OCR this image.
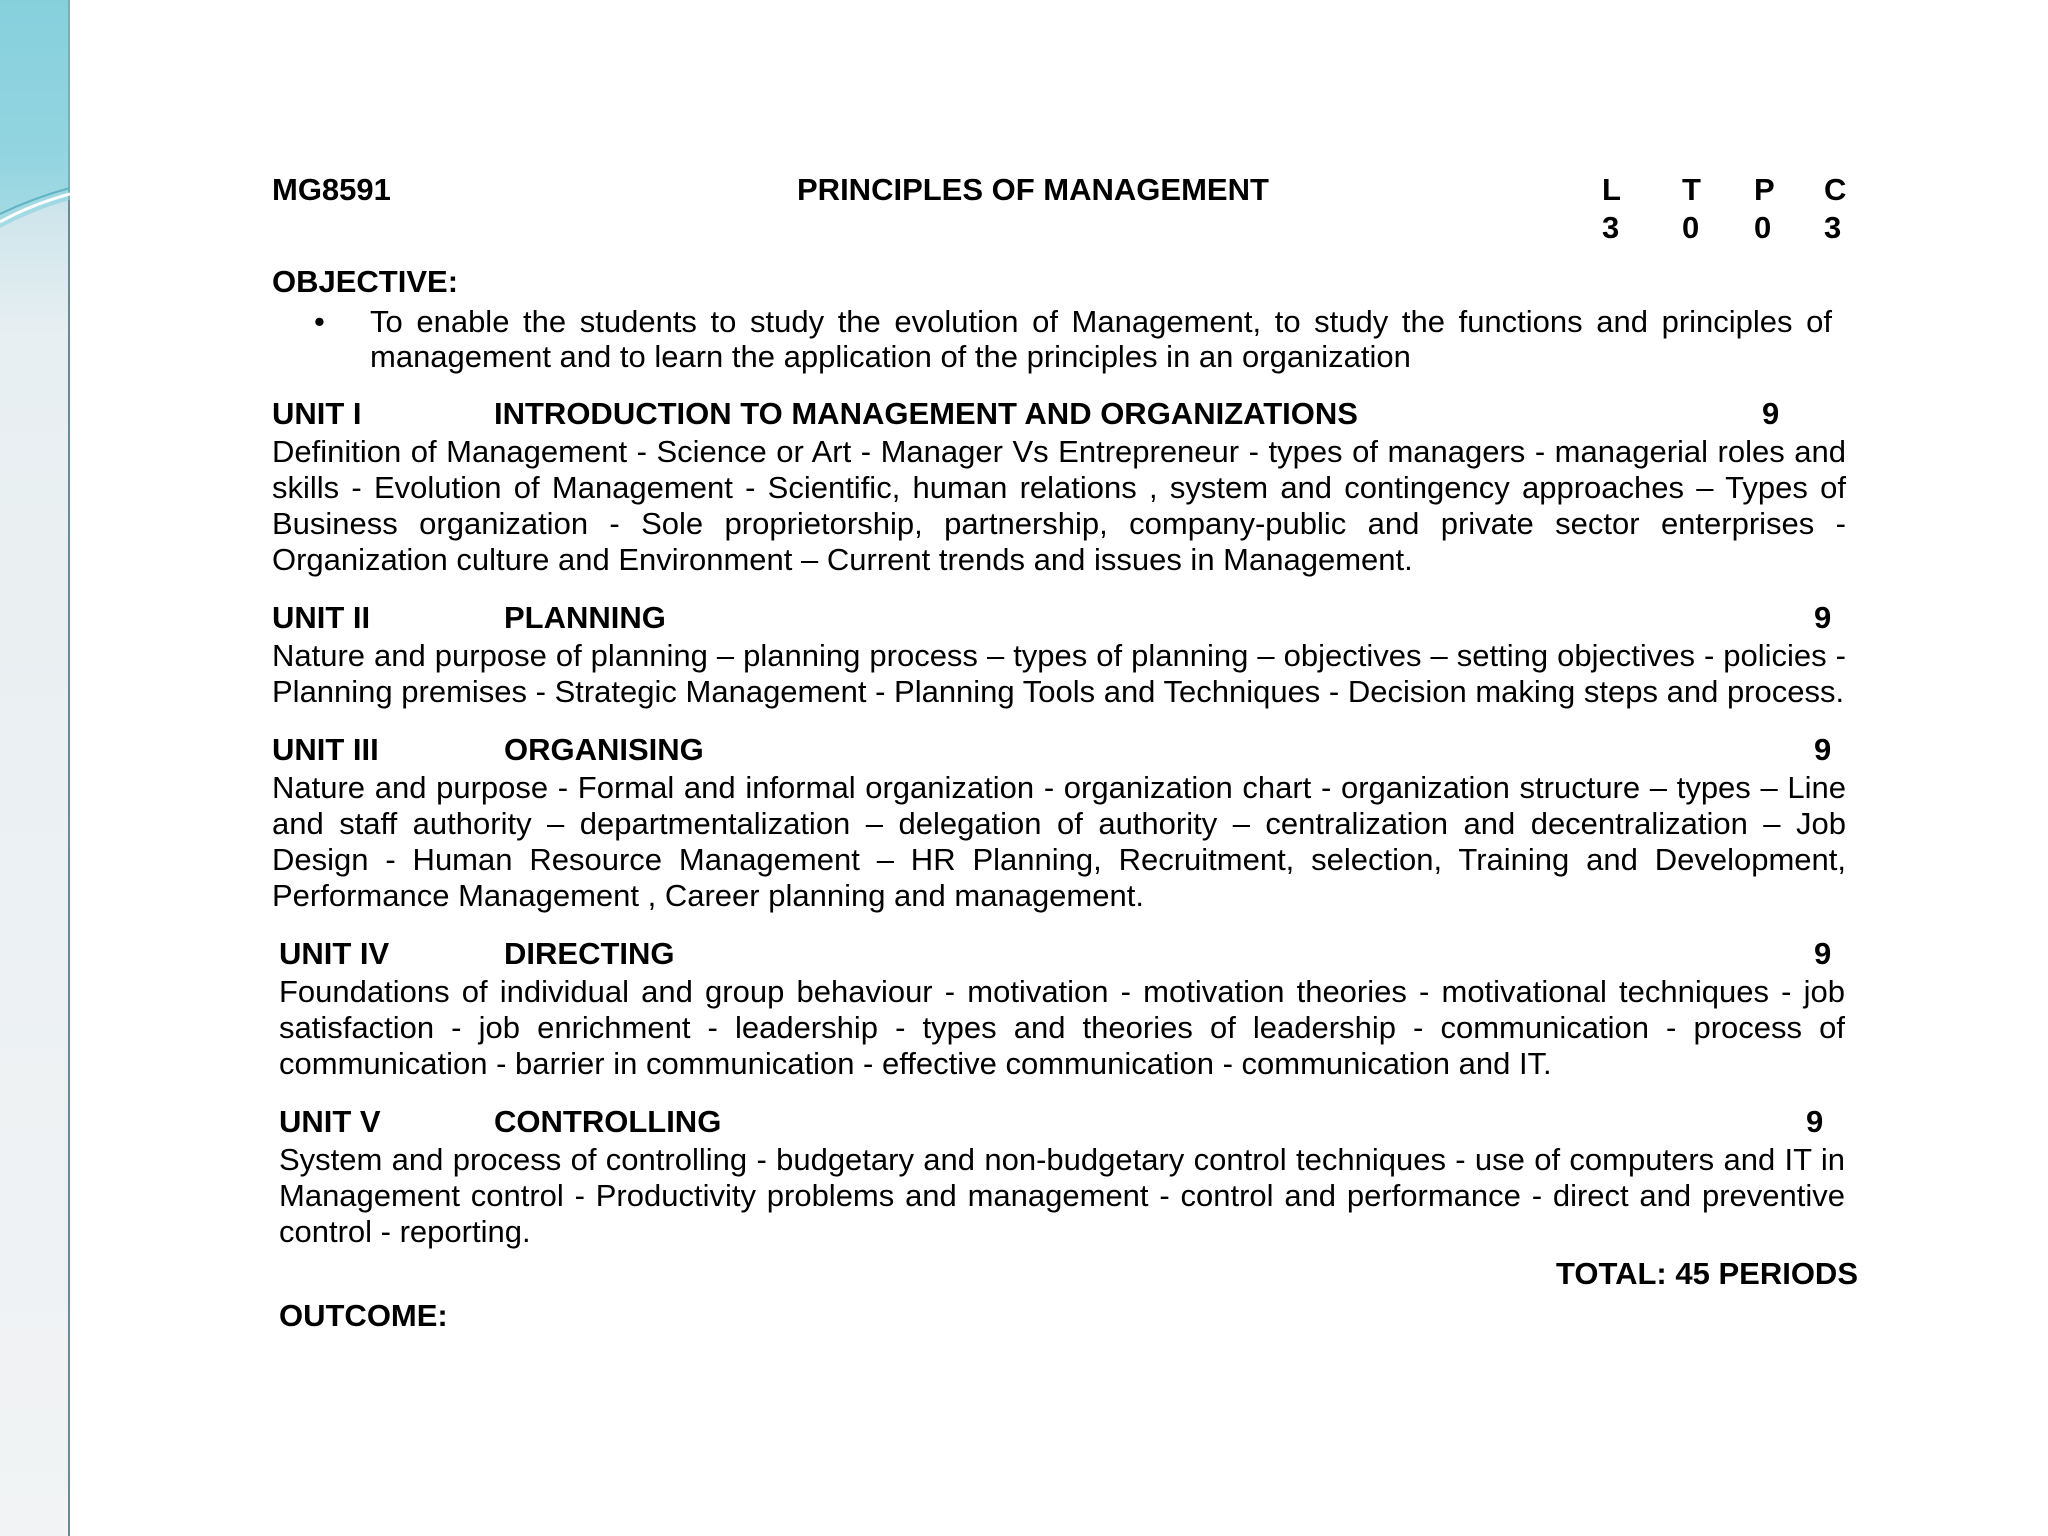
MG8591	PRINCIPLES OF MANAGEMENT	L	T	P	C
3	0	0	3
OBJECTIVE:
• To enable the students to study the evolution of Management, to study the functions and principles of management and to learn the application of the principles in an organization
UNIT I	INTRODUCTION TO MANAGEMENT AND ORGANIZATIONS	9
Definition of Management - Science or Art - Manager Vs Entrepreneur - types of managers - managerial roles and skills - Evolution of Management - Scientific, human relations , system and contingency approaches – Types of Business organization - Sole proprietorship, partnership, company-public and private sector enterprises - Organization culture and Environment – Current trends and issues in Management.
UNIT II	PLANNING	9
Nature and purpose of planning – planning process – types of planning – objectives – setting objectives - policies - Planning premises - Strategic Management - Planning Tools and Techniques - Decision making steps and process.
UNIT III	ORGANISING	9
Nature and purpose - Formal and informal organization - organization chart - organization structure – types – Line and staff authority – departmentalization – delegation of authority – centralization and decentralization – Job Design - Human Resource Management – HR Planning, Recruitment, selection, Training and Development, Performance Management , Career planning and management.
UNIT IV	DIRECTING	9
Foundations of individual and group behaviour - motivation - motivation theories - motivational techniques - job satisfaction - job enrichment - leadership - types and theories of leadership - communication - process of communication - barrier in communication - effective communication - communication and IT.
UNIT V	CONTROLLING	9
System and process of controlling - budgetary and non-budgetary control techniques - use of computers and IT in Management control - Productivity problems and management - control and performance - direct and preventive control - reporting.
TOTAL: 45 PERIODS
OUTCOME:
